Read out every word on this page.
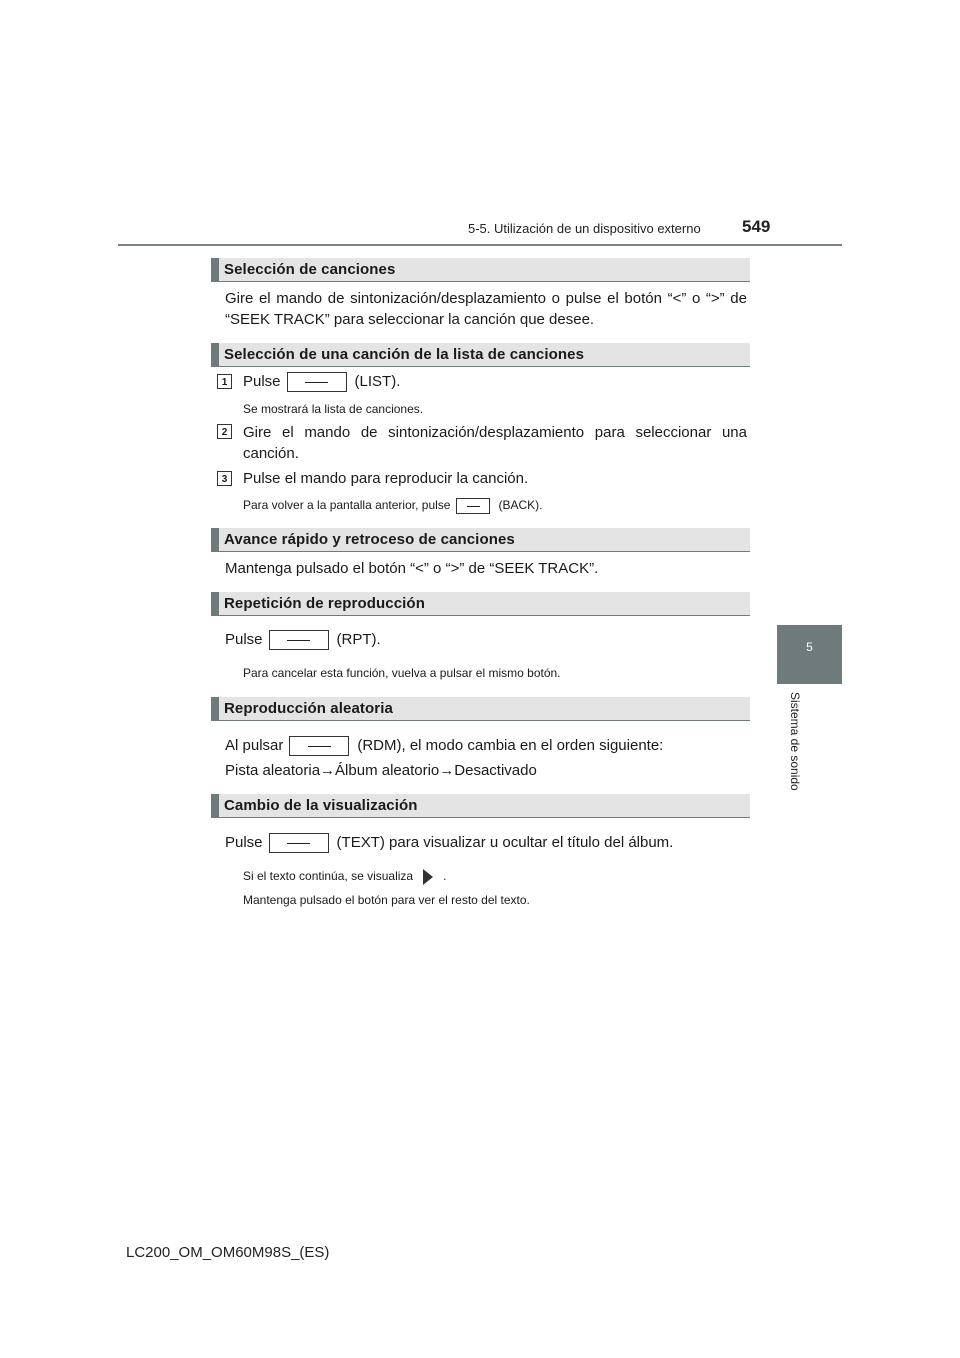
5-5. Utilización de un dispositivo externo 549
5
Sistema de sonido
Selección de canciones
Gire el mando de sintonización/desplazamiento o pulse el botón “<” o “>” de “SEEK TRACK” para seleccionar la canción que desee.
Selección de una canción de la lista de canciones
1	Pulse	(LIST).
Se mostrará la lista de canciones.
2	Gire el mando de sintonización/desplazamiento para seleccionar una canción.
3	Pulse el mando para reproducir la canción.
Para volver a la pantalla anterior, pulse	(BACK).
Avance rápido y retroceso de canciones
Mantenga pulsado el botón “<” o “>” de “SEEK TRACK”.
Repetición de reproducción
Pulse	(RPT).
Para cancelar esta función, vuelva a pulsar el mismo botón.
Reproducción aleatoria
Al pulsar	(RDM), el modo cambia en el orden siguiente:
Pista aleatoria→Álbum aleatorio→Desactivado
Cambio de la visualización
Pulse	(TEXT) para visualizar u ocultar el título del álbum.
Si el texto continúa, se visualiza	.
Mantenga pulsado el botón para ver el resto del texto.
LC200_OM_OM60M98S_(ES)
